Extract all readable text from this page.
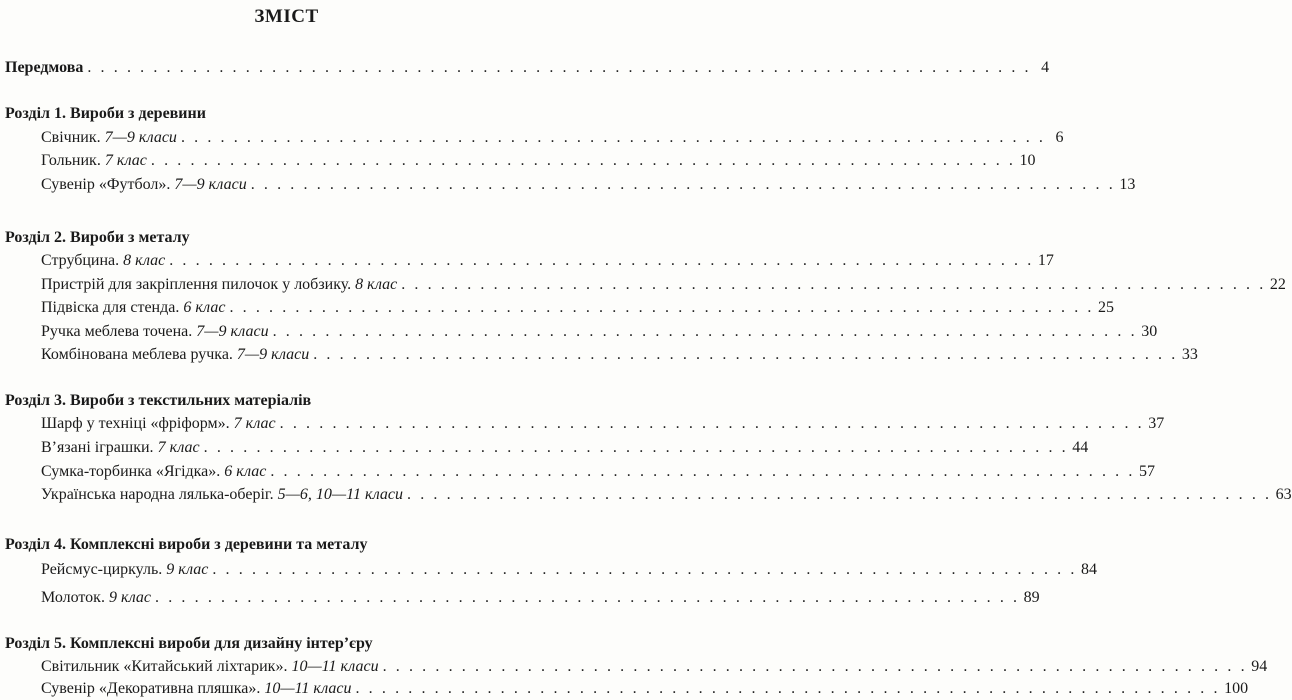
ЗМІСТ
Передмова . . . . . . . . . . . . . . . . . . . . . . . . . . . . . . . . . . . . . . . . . . . . . . . . . . . . . . . . . . . . . . . . . . . . . . . . 4
Розділ 1. Вироби з деревини
Свічник. 7—9 класи . . . . . . . . . . . . . . . . . . . . . . . . . . . . . . . . . . . . . . . . . . . . . . . . . . . . . . . . . . . . . . . . . . 6
Гольник. 7 клас . . . . . . . . . . . . . . . . . . . . . . . . . . . . . . . . . . . . . . . . . . . . . . . . . . . . . . . . . . . . . . . . . . 10
Сувенір «Футбол». 7—9 класи . . . . . . . . . . . . . . . . . . . . . . . . . . . . . . . . . . . . . . . . . . . . . . . . . . . . . . . . . . . . . . . . . . 13
Розділ 2. Вироби з металу
Струбцина. 8 клас . . . . . . . . . . . . . . . . . . . . . . . . . . . . . . . . . . . . . . . . . . . . . . . . . . . . . . . . . . . . . . . . . . 17
Пристрій для закріплення пилочок у лобзику. 8 клас . . . . . . . . . . . . . . . . . . . . . . . . . . . . . . . . . . . . . . . . . . . . . . . . . . . . . . . . . . . . . . . . . . 22
Підвіска для стенда. 6 клас . . . . . . . . . . . . . . . . . . . . . . . . . . . . . . . . . . . . . . . . . . . . . . . . . . . . . . . . . . . . . . . . . . 25
Ручка меблева точена. 7—9 класи . . . . . . . . . . . . . . . . . . . . . . . . . . . . . . . . . . . . . . . . . . . . . . . . . . . . . . . . . . . . . . . . . . 30
Комбінована меблева ручка. 7—9 класи . . . . . . . . . . . . . . . . . . . . . . . . . . . . . . . . . . . . . . . . . . . . . . . . . . . . . . . . . . . . . . . . . . 33
Розділ 3. Вироби з текстильних матеріалів
Шарф у техніці «фріформ». 7 клас . . . . . . . . . . . . . . . . . . . . . . . . . . . . . . . . . . . . . . . . . . . . . . . . . . . . . . . . . . . . . . . . . . 37
В’язані іграшки. 7 клас . . . . . . . . . . . . . . . . . . . . . . . . . . . . . . . . . . . . . . . . . . . . . . . . . . . . . . . . . . . . . . . . . . 44
Сумка-торбинка «Ягідка». 6 клас . . . . . . . . . . . . . . . . . . . . . . . . . . . . . . . . . . . . . . . . . . . . . . . . . . . . . . . . . . . . . . . . . . 57
Українська народна лялька-оберіг. 5—6, 10—11 класи . . . . . . . . . . . . . . . . . . . . . . . . . . . . . . . . . . . . . . . . . . . . . . . . . . . . . . . . . . . . . . . . . . 63
Розділ 4. Комплексні вироби з деревини та металу
Рейсмус-циркуль. 9 клас . . . . . . . . . . . . . . . . . . . . . . . . . . . . . . . . . . . . . . . . . . . . . . . . . . . . . . . . . . . . . . . . . . 84
Молоток. 9 клас . . . . . . . . . . . . . . . . . . . . . . . . . . . . . . . . . . . . . . . . . . . . . . . . . . . . . . . . . . . . . . . . . . 89
Розділ 5. Комплексні вироби для дизайну інтер’єру
Світильник «Китайський ліхтарик». 10—11 класи . . . . . . . . . . . . . . . . . . . . . . . . . . . . . . . . . . . . . . . . . . . . . . . . . . . . . . . . . . . . . . . . . . 94
Сувенір «Декоративна пляшка». 10—11 класи . . . . . . . . . . . . . . . . . . . . . . . . . . . . . . . . . . . . . . . . . . . . . . . . . . . . . . . . . . . . . . . . . . 100
